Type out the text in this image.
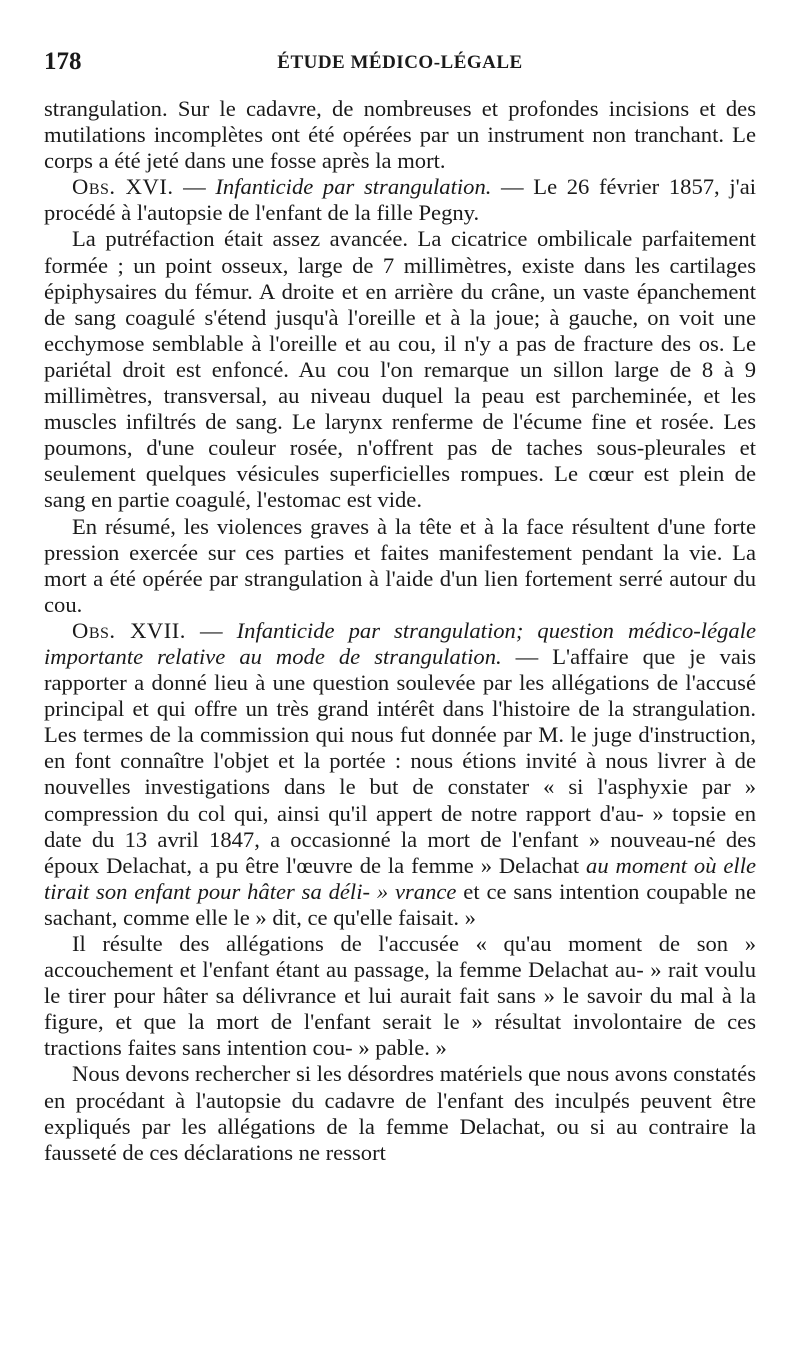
178	ÉTUDE MÉDICO-LÉGALE

strangulation. Sur le cadavre, de nombreuses et profondes incisions et des mutilations incomplètes ont été opérées par un instrument non tranchant. Le corps a été jeté dans une fosse après la mort.

Obs. XVI. — Infanticide par strangulation. — Le 26 février 1857, j'ai procédé à l'autopsie de l'enfant de la fille Pegny.

La putréfaction était assez avancée. La cicatrice ombilicale parfaitement formée ; un point osseux, large de 7 millimètres, existe dans les cartilages épiphysaires du fémur. A droite et en arrière du crâne, un vaste épanchement de sang coagulé s'étend jusqu'à l'oreille et à la joue; à gauche, on voit une ecchymose semblable à l'oreille et au cou, il n'y a pas de fracture des os. Le pariétal droit est enfoncé. Au cou l'on remarque un sillon large de 8 à 9 millimètres, transversal, au niveau duquel la peau est parcheminée, et les muscles infiltrés de sang. Le larynx renferme de l'écume fine et rosée. Les poumons, d'une couleur rosée, n'offrent pas de taches sous-pleurales et seulement quelques vésicules superficielles rompues. Le cœur est plein de sang en partie coagulé, l'estomac est vide.

En résumé, les violences graves à la tête et à la face résultent d'une forte pression exercée sur ces parties et faites manifestement pendant la vie. La mort a été opérée par strangulation à l'aide d'un lien fortement serré autour du cou.

Obs. XVII. — Infanticide par strangulation; question médico-légale importante relative au mode de strangulation. — L'affaire que je vais rapporter a donné lieu à une question soulevée par les allégations de l'accusé principal et qui offre un très grand intérêt dans l'histoire de la strangulation. Les termes de la commission qui nous fut donnée par M. le juge d'instruction, en font connaître l'objet et la portée : nous étions invité à nous livrer à de nouvelles investigations dans le but de constater « si l'asphyxie par » compression du col qui, ainsi qu'il appert de notre rapport d'au- » topsie en date du 13 avril 1847, a occasionné la mort de l'enfant » nouveau-né des époux Delachat, a pu être l'œuvre de la femme » Delachat au moment où elle tirait son enfant pour hâter sa déli- » vrance et ce sans intention coupable ne sachant, comme elle le » dit, ce qu'elle faisait. »

Il résulte des allégations de l'accusée « qu'au moment de son » accouchement et l'enfant étant au passage, la femme Delachat au- » rait voulu le tirer pour hâter sa délivrance et lui aurait fait sans » le savoir du mal à la figure, et que la mort de l'enfant serait le » résultat involontaire de ces tractions faites sans intention cou- » pable. »

Nous devons rechercher si les désordres matériels que nous avons constatés en procédant à l'autopsie du cadavre de l'enfant des inculpés peuvent être expliqués par les allégations de la femme Delachat, ou si au contraire la fausseté de ces déclarations ne ressort
